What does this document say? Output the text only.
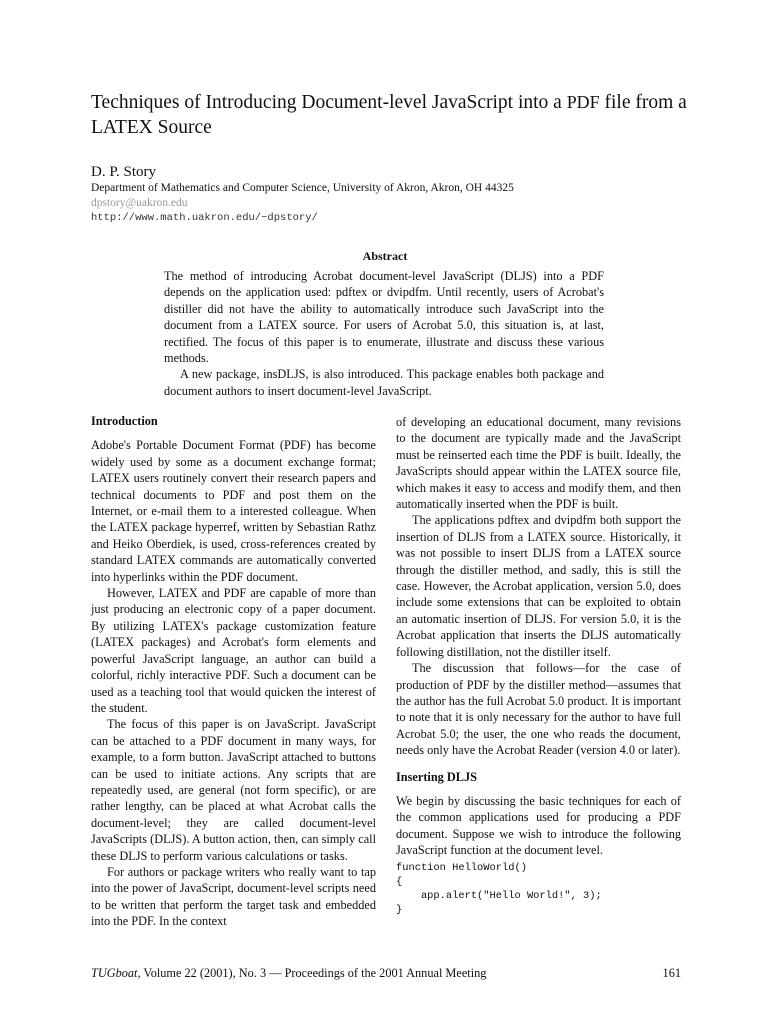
Techniques of Introducing Document-level JavaScript into a PDF file from a
LATEX Source

D. P. Story

Department of Mathematics and Computer Science, University of Akron, Akron, OH 44325
dpstory@uakron.edu
http://www.math.uakron.edu/~dpstory/
Abstract

The method of introducing Acrobat document-level JavaScript (DLJS) into a PDF depends on the application used: pdftex or dvipdfm. Until recently, users of Acrobat's distiller did not have the ability to automatically introduce such JavaScript into the document from a LATEX source. For users of Acrobat 5.0, this situation is, at last, rectified. The focus of this paper is to enumerate, illustrate and discuss these various methods.

A new package, insDLJS, is also introduced. This package enables both package and document authors to insert document-level JavaScript.

Introduction

Adobe's Portable Document Format (PDF) has become widely used by some as a document exchange format; LATEX users routinely convert their research papers and technical documents to PDF and post them on the Internet, or e-mail them to a interested colleague. When the LATEX package hyperref, written by Sebastian Rathz and Heiko Oberdiek, is used, cross-references created by standard LATEX commands are automatically converted into hyperlinks within the PDF document.

However, LATEX and PDF are capable of more than just producing an electronic copy of a paper document. By utilizing LATEX's package customization feature (LATEX packages) and Acrobat's form elements and powerful JavaScript language, an author can build a colorful, richly interactive PDF. Such a document can be used as a teaching tool that would quicken the interest of the student.

The focus of this paper is on JavaScript. JavaScript can be attached to a PDF document in many ways, for example, to a form button. JavaScript attached to buttons can be used to initiate actions. Any scripts that are repeatedly used, are general (not form specific), or are rather lengthy, can be placed at what Acrobat calls the document-level; they are called document-level JavaScripts (DLJS). A button action, then, can simply call these DLJS to perform various calculations or tasks.

For authors or package writers who really want to tap into the power of JavaScript, document-level scripts need to be written that perform the target task and embedded into the PDF. In the context

of developing an educational document, many revisions to the document are typically made and the JavaScript must be reinserted each time the PDF is built. Ideally, the JavaScripts should appear within the LATEX source file, which makes it easy to access and modify them, and then automatically inserted when the PDF is built.

The applications pdftex and dvipdfm both support the insertion of DLJS from a LATEX source. Historically, it was not possible to insert DLJS from a LATEX source through the distiller method, and sadly, this is still the case. However, the Acrobat application, version 5.0, does include some extensions that can be exploited to obtain an automatic insertion of DLJS. For version 5.0, it is the Acrobat application that inserts the DLJS automatically following distillation, not the distiller itself.

The discussion that follows—for the case of production of PDF by the distiller method—assumes that the author has the full Acrobat 5.0 product. It is important to note that it is only necessary for the author to have full Acrobat 5.0; the user, the one who reads the document, needs only have the Acrobat Reader (version 4.0 or later).

Inserting DLJS

We begin by discussing the basic techniques for each of the common applications used for producing a PDF document. Suppose we wish to introduce the following JavaScript function at the document level.

function HelloWorld()
{
app.alert("Hello World!", 3);
}
TUGboat, Volume 22 (2001), No. 3 — Proceedings of the 2001 Annual Meeting	161
